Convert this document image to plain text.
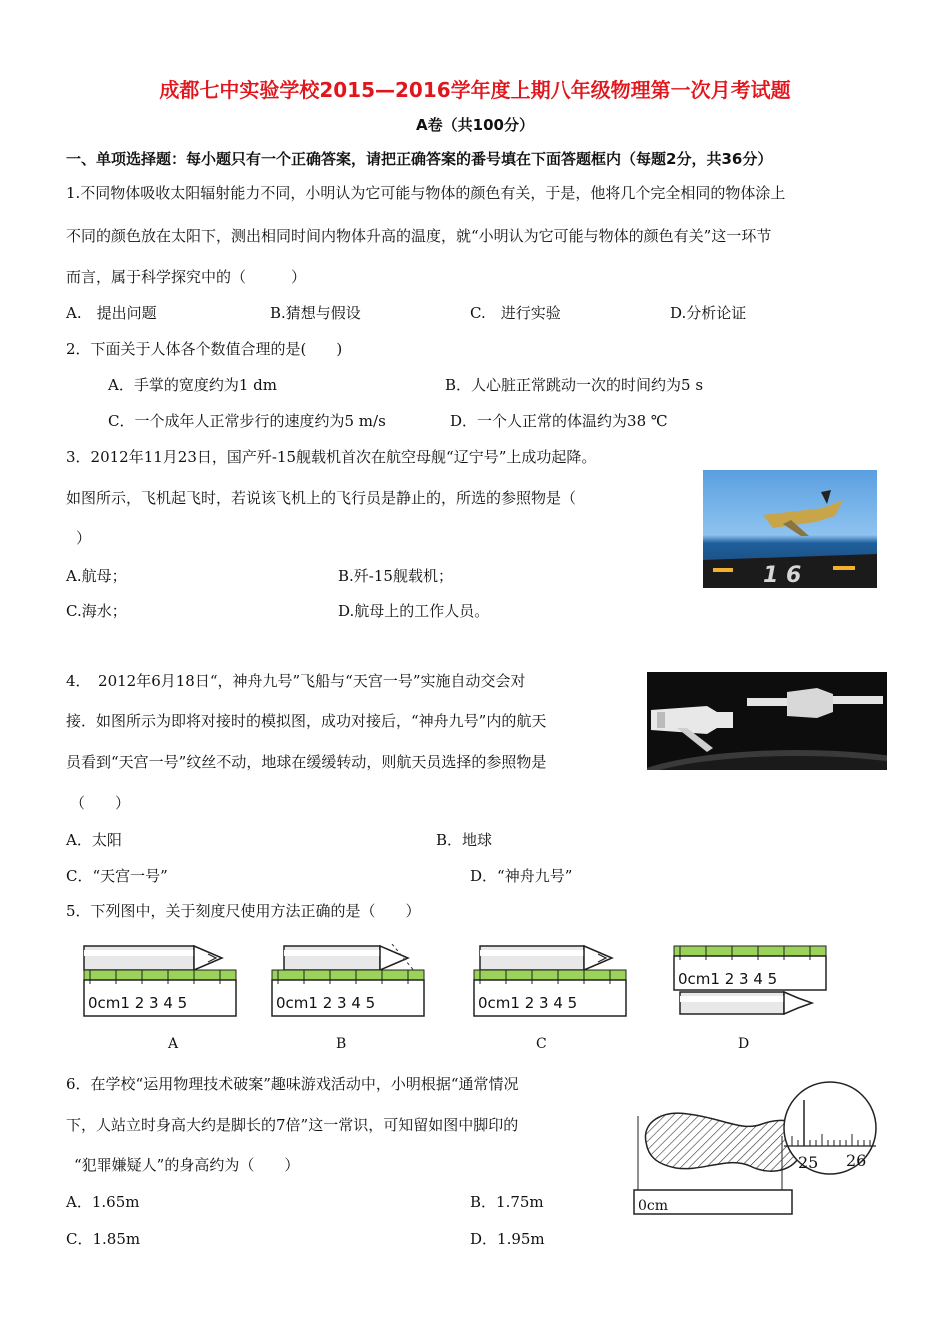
成都七中实验学校2015—2016学年度上期八年级物理第一次月考试题
A卷（共100分）
一、单项选择题：每小题只有一个正确答案，请把正确答案的番号填在下面答题框内（每题2分，共36分）
1.不同物体吸收太阳辐射能力不同，小明认为它可能与物体的颜色有关，于是，他将几个完全相同的物体涂上
不同的颜色放在太阳下，测出相同时间内物体升高的温度，就“小明认为它可能与物体的颜色有关”这一环节
而言，属于科学探究中的（　　　）
A.　提出问题	B.猜想与假设	C.　进行实验	D.分析论证
2．下面关于人体各个数值合理的是(　　)
A．手掌的宽度约为1 dm	B．人心脏正常跳动一次的时间约为5 s
C．一个成年人正常步行的速度约为5 m/s	D．一个人正常的体温约为38 ℃
3．2012年11月23日，国产歼-15舰载机首次在航空母舰“辽宁号”上成功起降。
如图所示，飞机起飞时，若说该飞机上的飞行员是静止的，所选的参照物是（
）
A.航母；	B.歼-15舰载机；
C.海水；	D.航母上的工作人员。
1 6
4．　2012年6月18日“，神舟九号”飞船与“天宫一号”实施自动交会对
接．如图所示为即将对接时的模拟图，成功对接后，“神舟九号”内的航天
员看到“天宫一号”纹丝不动，地球在缓缓转动，则航天员选择的参照物是
（　　）
A．太阳	B．地球
C．“天宫一号”	D．“神舟九号”
5．下列图中，关于刻度尺使用方法正确的是（　　）
0cm1 2 3 4 5
A
0cm1 2 3 4 5
B
0cm1 2 3 4 5
C
0cm1 2 3 4 5
D
6．在学校“运用物理技术破案”趣味游戏活动中，小明根据“通常情况
下，人站立时身高大约是脚长的7倍”这一常识，可知留如图中脚印的
“犯罪嫌疑人”的身高约为（　　）
A．1.65m	B．1.75m
C．1.85m	D．1.95m
0cm
25 26
